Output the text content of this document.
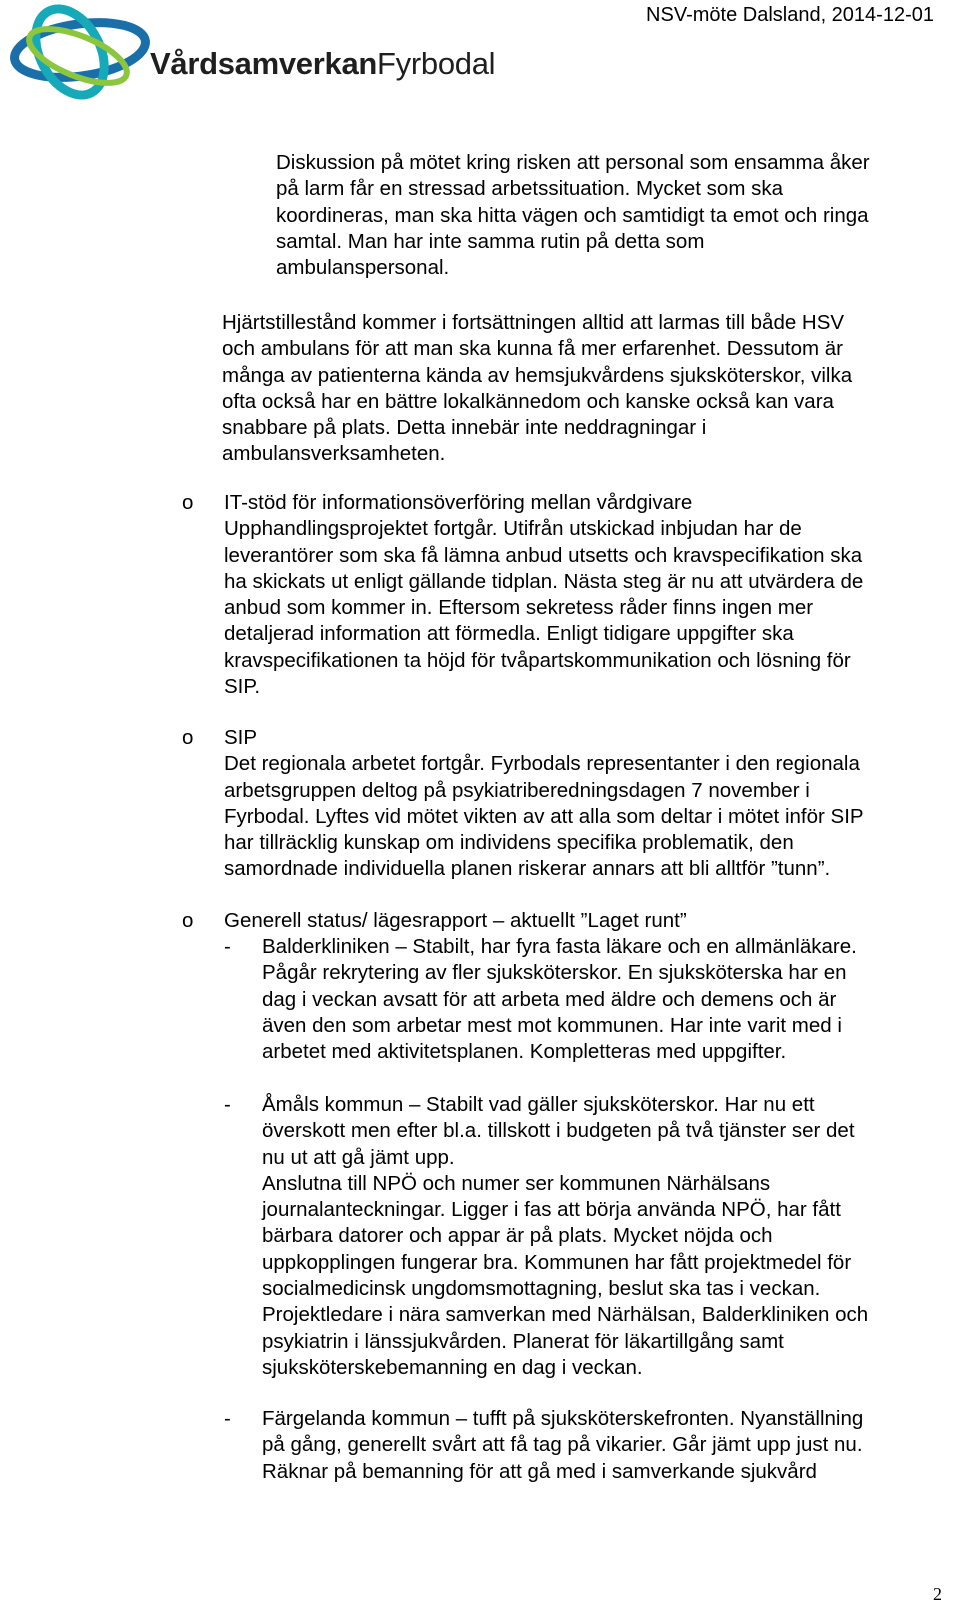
VårdsamverkanFyrbodal
NSV-möte Dalsland, 2014-12-01
Diskussion på mötet kring risken att personal som ensamma åker
på larm får en stressad arbetssituation. Mycket som ska
koordineras, man ska hitta vägen och samtidigt ta emot och ringa
samtal. Man har inte samma rutin på detta som
ambulanspersonal.
Hjärtstillestånd kommer i fortsättningen alltid att larmas till både HSV
och ambulans för att man ska kunna få mer erfarenhet. Dessutom är
många av patienterna kända av hemsjukvårdens sjuksköterskor, vilka
ofta också har en bättre lokalkännedom och kanske också kan vara
snabbare på plats. Detta innebär inte neddragningar i
ambulansverksamheten.
o IT-stöd för informationsöverföring mellan vårdgivare
Upphandlingsprojektet fortgår. Utifrån utskickad inbjudan har de
leverantörer som ska få lämna anbud utsetts och kravspecifikation ska
ha skickats ut enligt gällande tidplan. Nästa steg är nu att utvärdera de
anbud som kommer in. Eftersom sekretess råder finns ingen mer
detaljerad information att förmedla. Enligt tidigare uppgifter ska
kravspecifikationen ta höjd för tvåpartskommunikation och lösning för
SIP.
o SIP
Det regionala arbetet fortgår. Fyrbodals representanter i den regionala
arbetsgruppen deltog på psykiatriberedningsdagen 7 november i
Fyrbodal. Lyftes vid mötet vikten av att alla som deltar i mötet inför SIP
har tillräcklig kunskap om individens specifika problematik, den
samordnade individuella planen riskerar annars att bli alltför ”tunn”.
o Generell status/ lägesrapport – aktuellt ”Laget runt”
- Balderkliniken – Stabilt, har fyra fasta läkare och en allmänläkare.
Pågår rekrytering av fler sjuksköterskor. En sjuksköterska har en
dag i veckan avsatt för att arbeta med äldre och demens och är
även den som arbetar mest mot kommunen. Har inte varit med i
arbetet med aktivitetsplanen. Kompletteras med uppgifter.
- Åmåls kommun – Stabilt vad gäller sjuksköterskor. Har nu ett
överskott men efter bl.a. tillskott i budgeten på två tjänster ser det
nu ut att gå jämt upp.
Anslutna till NPÖ och numer ser kommunen Närhälsans
journalanteckningar. Ligger i fas att börja använda NPÖ, har fått
bärbara datorer och appar är på plats. Mycket nöjda och
uppkopplingen fungerar bra. Kommunen har fått projektmedel för
socialmedicinsk ungdomsmottagning, beslut ska tas i veckan.
Projektledare i nära samverkan med Närhälsan, Balderkliniken och
psykiatrin i länssjukvården. Planerat för läkartillgång samt
sjuksköterskebemanning en dag i veckan.
- Färgelanda kommun – tufft på sjuksköterskefronten. Nyanställning
på gång, generellt svårt att få tag på vikarier. Går jämt upp just nu.
Räknar på bemanning för att gå med i samverkande sjukvård
2
